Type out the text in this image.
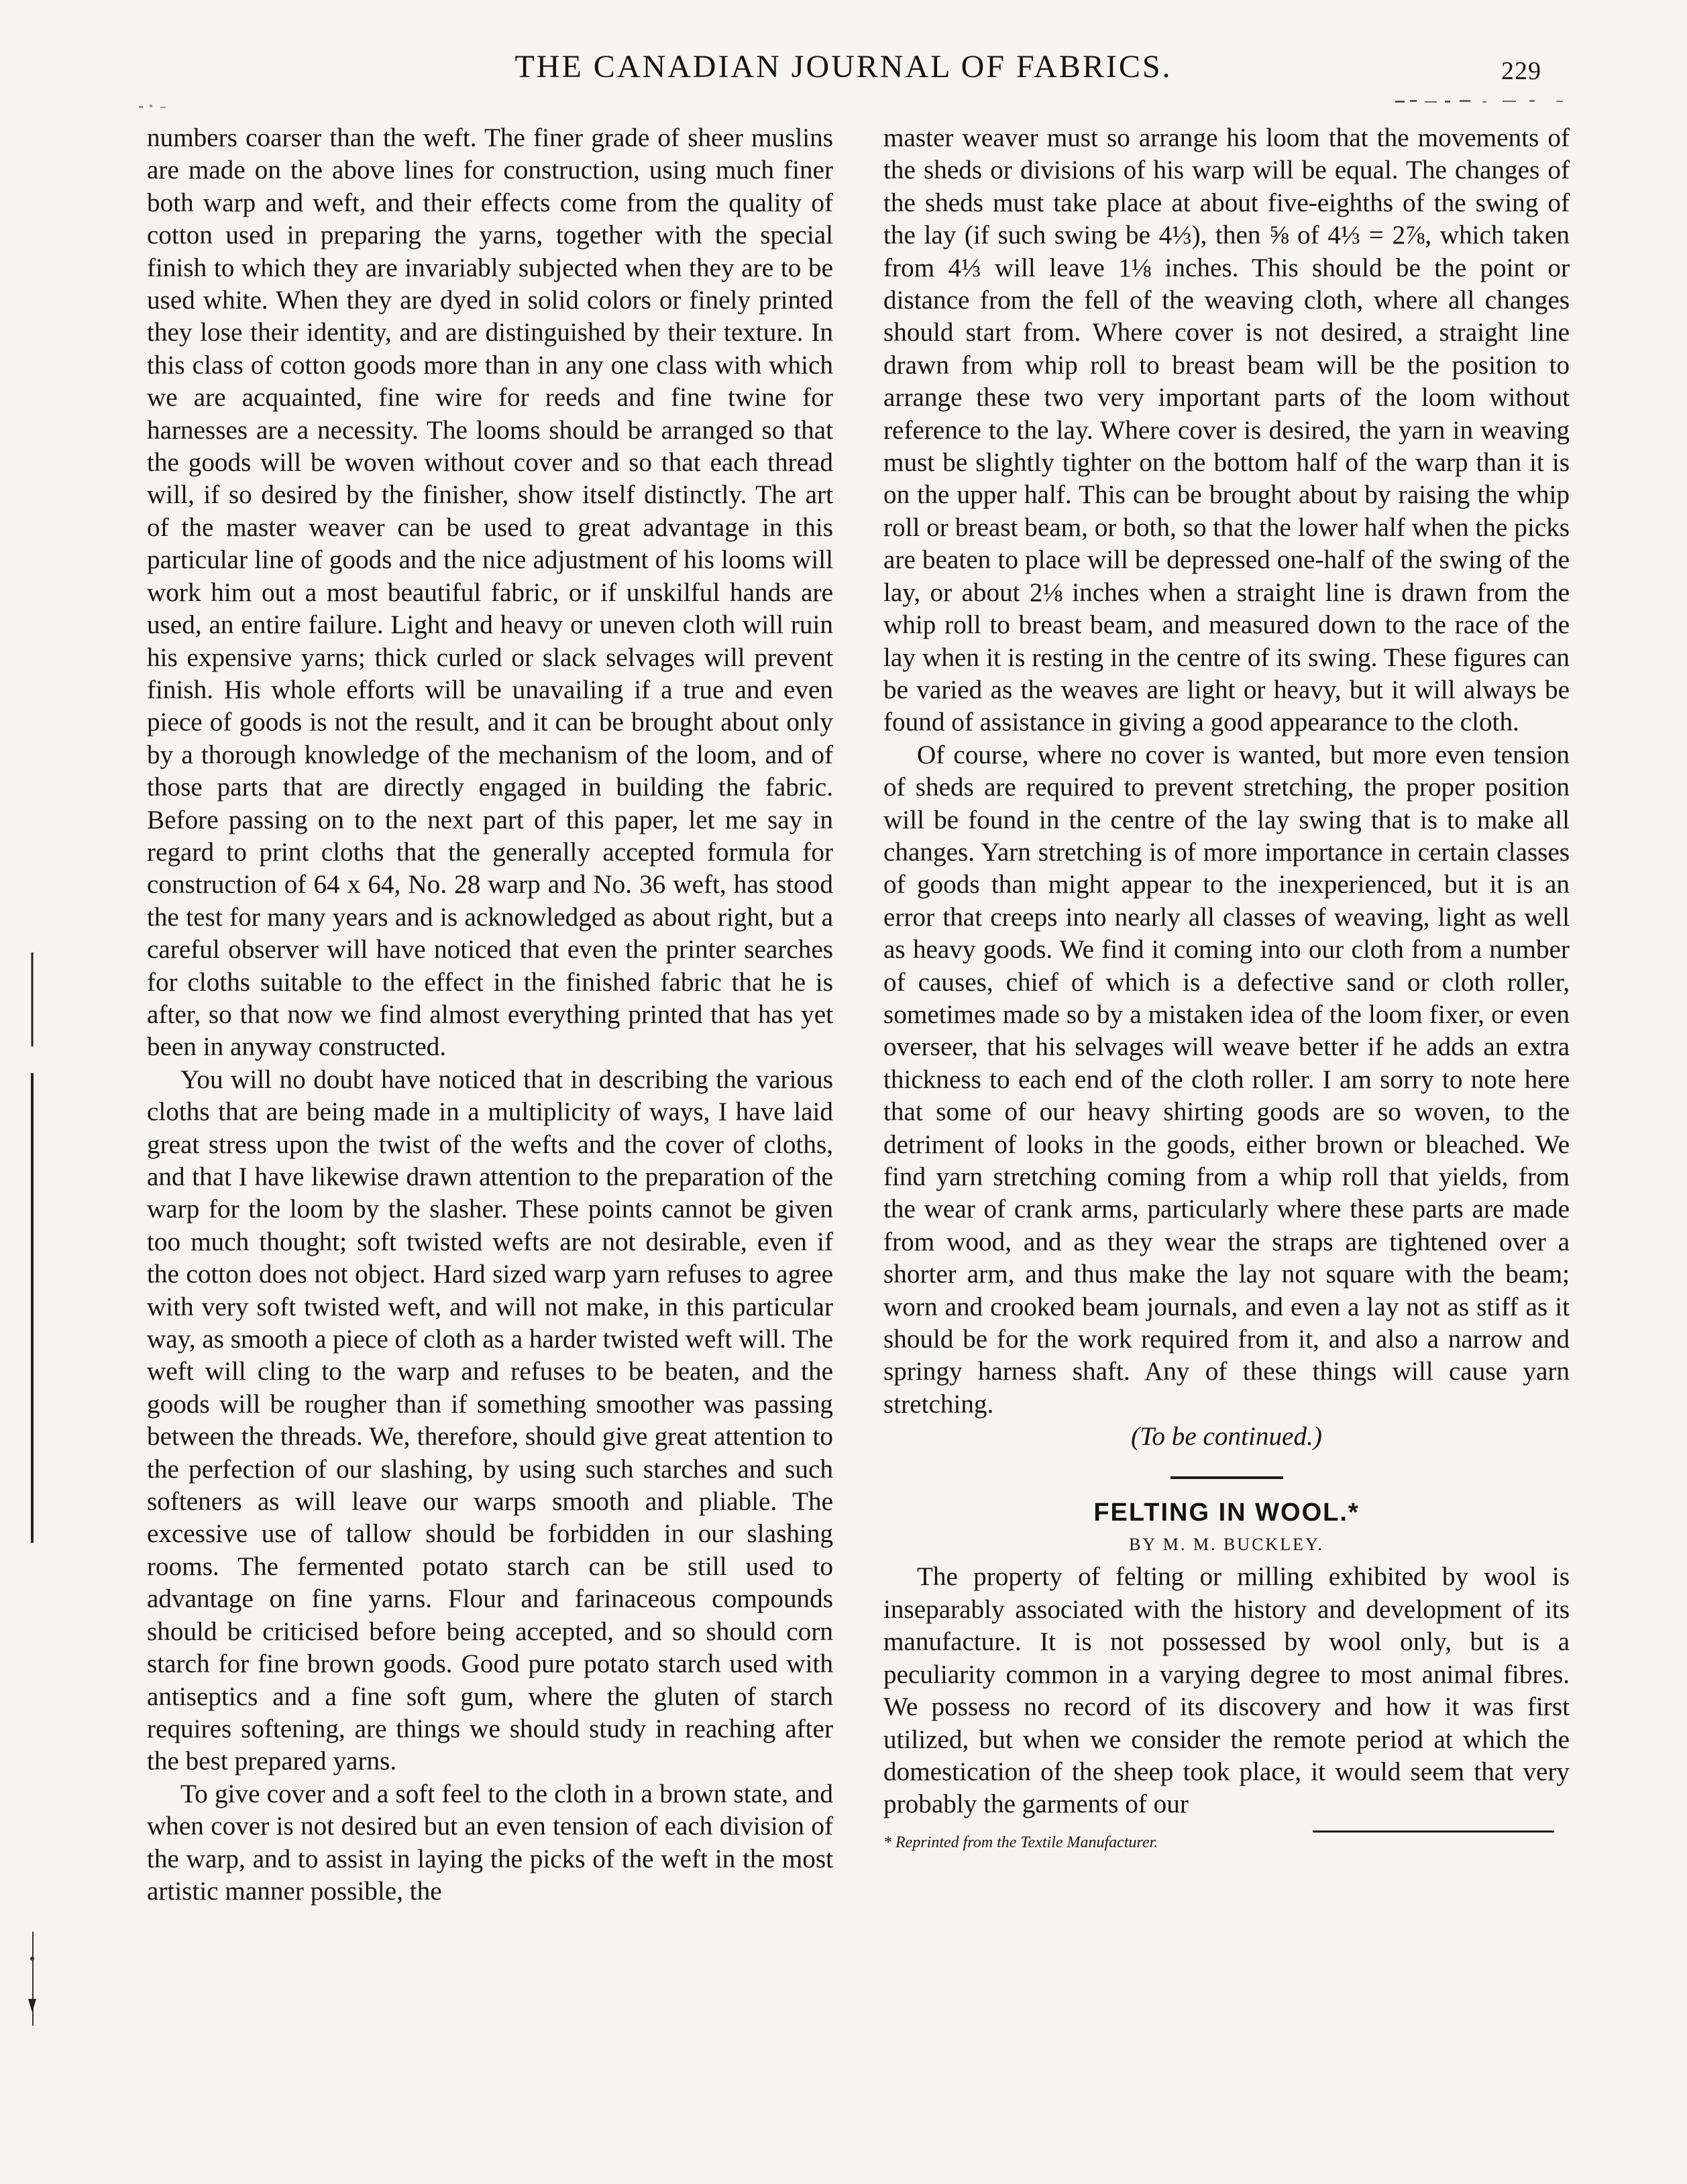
THE CANADIAN JOURNAL OF FABRICS.	229

numbers coarser than the weft. The finer grade of sheer muslins are made on the above lines for construction, using much finer both warp and weft, and their effects come from the quality of cotton used in preparing the yarns, together with the special finish to which they are invariably subjected when they are to be used white. When they are dyed in solid colors or finely printed they lose their identity, and are distinguished by their texture. In this class of cotton goods more than in any one class with which we are acquainted, fine wire for reeds and fine twine for harnesses are a necessity. The looms should be arranged so that the goods will be woven without cover and so that each thread will, if so desired by the finisher, show itself distinctly. The art of the master weaver can be used to great advantage in this particular line of goods and the nice adjustment of his looms will work him out a most beautiful fabric, or if unskilful hands are used, an entire failure. Light and heavy or uneven cloth will ruin his expensive yarns; thick curled or slack selvages will prevent finish. His whole efforts will be unavailing if a true and even piece of goods is not the result, and it can be brought about only by a thorough knowledge of the mechanism of the loom, and of those parts that are directly engaged in building the fabric. Before passing on to the next part of this paper, let me say in regard to print cloths that the generally accepted formula for construction of 64 x 64, No. 28 warp and No. 36 weft, has stood the test for many years and is acknowledged as about right, but a careful observer will have noticed that even the printer searches for cloths suitable to the effect in the finished fabric that he is after, so that now we find almost everything printed that has yet been in anyway constructed.

You will no doubt have noticed that in describing the various cloths that are being made in a multiplicity of ways, I have laid great stress upon the twist of the wefts and the cover of cloths, and that I have likewise drawn attention to the preparation of the warp for the loom by the slasher. These points cannot be given too much thought; soft twisted wefts are not desirable, even if the cotton does not object. Hard sized warp yarn refuses to agree with very soft twisted weft, and will not make, in this particular way, as smooth a piece of cloth as a harder twisted weft will. The weft will cling to the warp and refuses to be beaten, and the goods will be rougher than if something smoother was passing between the threads. We, therefore, should give great attention to the perfection of our slashing, by using such starches and such softeners as will leave our warps smooth and pliable. The excessive use of tallow should be forbidden in our slashing rooms. The fermented potato starch can be still used to advantage on fine yarns. Flour and farinaceous compounds should be criticised before being accepted, and so should corn starch for fine brown goods. Good pure potato starch used with antiseptics and a fine soft gum, where the gluten of starch requires softening, are things we should study in reaching after the best prepared yarns.

To give cover and a soft feel to the cloth in a brown state, and when cover is not desired but an even tension of each division of the warp, and to assist in laying the picks of the weft in the most artistic manner possible, the

master weaver must so arrange his loom that the movements of the sheds or divisions of his warp will be equal. The changes of the sheds must take place at about five-eighths of the swing of the lay (if such swing be 4⅓), then ⅝ of 4⅓ = 2⅞, which taken from 4⅓ will leave 1⅛ inches. This should be the point or distance from the fell of the weaving cloth, where all changes should start from. Where cover is not desired, a straight line drawn from whip roll to breast beam will be the position to arrange these two very important parts of the loom without reference to the lay. Where cover is desired, the yarn in weaving must be slightly tighter on the bottom half of the warp than it is on the upper half. This can be brought about by raising the whip roll or breast beam, or both, so that the lower half when the picks are beaten to place will be depressed one-half of the swing of the lay, or about 2⅛ inches when a straight line is drawn from the whip roll to breast beam, and measured down to the race of the lay when it is resting in the centre of its swing. These figures can be varied as the weaves are light or heavy, but it will always be found of assistance in giving a good appearance to the cloth.

Of course, where no cover is wanted, but more even tension of sheds are required to prevent stretching, the proper position will be found in the centre of the lay swing that is to make all changes. Yarn stretching is of more importance in certain classes of goods than might appear to the inexperienced, but it is an error that creeps into nearly all classes of weaving, light as well as heavy goods. We find it coming into our cloth from a number of causes, chief of which is a defective sand or cloth roller, sometimes made so by a mistaken idea of the loom fixer, or even overseer, that his selvages will weave better if he adds an extra thickness to each end of the cloth roller. I am sorry to note here that some of our heavy shirting goods are so woven, to the detriment of looks in the goods, either brown or bleached. We find yarn stretching coming from a whip roll that yields, from the wear of crank arms, particularly where these parts are made from wood, and as they wear the straps are tightened over a shorter arm, and thus make the lay not square with the beam; worn and crooked beam journals, and even a lay not as stiff as it should be for the work required from it, and also a narrow and springy harness shaft. Any of these things will cause yarn stretching.

(To be continued.)

FELTING IN WOOL.*

BY M. M. BUCKLEY.

The property of felting or milling exhibited by wool is inseparably associated with the history and development of its manufacture. It is not possessed by wool only, but is a peculiarity common in a varying degree to most animal fibres. We possess no record of its discovery and how it was first utilized, but when we consider the remote period at which the domestication of the sheep took place, it would seem that very probably the garments of our

* Reprinted from the Textile Manufacturer.
